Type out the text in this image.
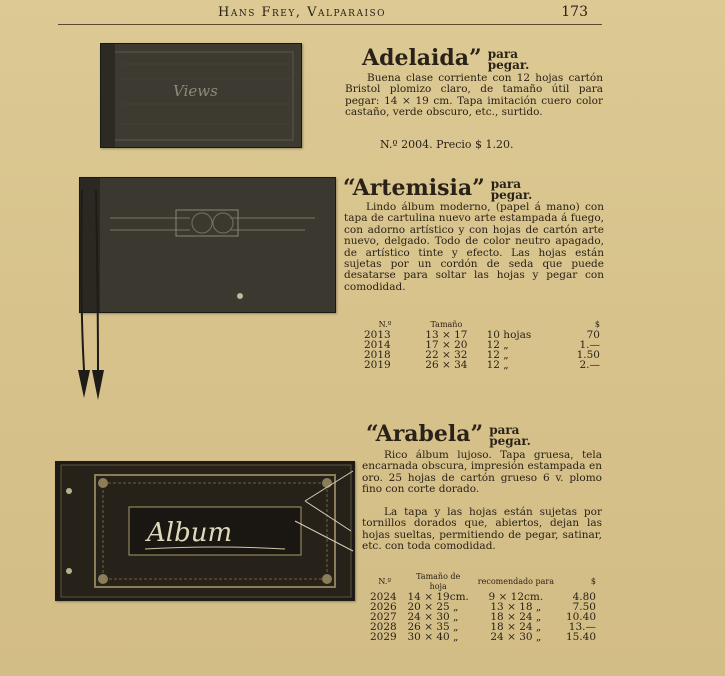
Hans Frey, Valparaiso	173
Views
Adelaida” para
pegar.

Buena clase corriente con 12 hojas cartón Bristol plomizo claro, de tamaño útil para pegar: 14 × 19 cm. Tapa imitación cuero color castaño, verde obscuro, etc., surtido.

N.º 2004. Precio $ 1.20.
“Artemisia” para
pegar.

Lindo álbum moderno, (papel á mano) con tapa de cartulina nuevo arte estampada á fuego, con adorno artístico y con hojas de cartón arte nuevo, delgado. Todo de color neutro apagado, de artístico tinte y efecto. Las hojas están sujetas por un cordón de seda que puede desatarse para soltar las hojas y pegar con comodidad.

N.º	Tamaño		$
2013	13 × 17	10 hojas	70
2014	17 × 20	12 „	1.—
2018	22 × 32	12 „	1.50
2019	26 × 34	12 „	2.—
Album
“Arabela” para
pegar.

Rico álbum lujoso. Tapa gruesa, tela encarnada obscura, impresión estampada en oro. 25 hojas de cartón grueso 6 v. plomo fino con corte dorado.

La tapa y las hojas están sujetas por tornillos dorados que, abiertos, dejan las hojas sueltas, permitiendo de pegar, satinar, etc. con toda comodidad.

N.º	Tamaño de hoja	recomendado para	$
2024	14 × 19cm.	9 × 12cm.	4.80
2026	20 × 25 „	13 × 18 „	7.50
2027	24 × 30 „	18 × 24 „	10.40
2028	26 × 35 „	18 × 24 „	13.—
2029	30 × 40 „	24 × 30 „	15.40
